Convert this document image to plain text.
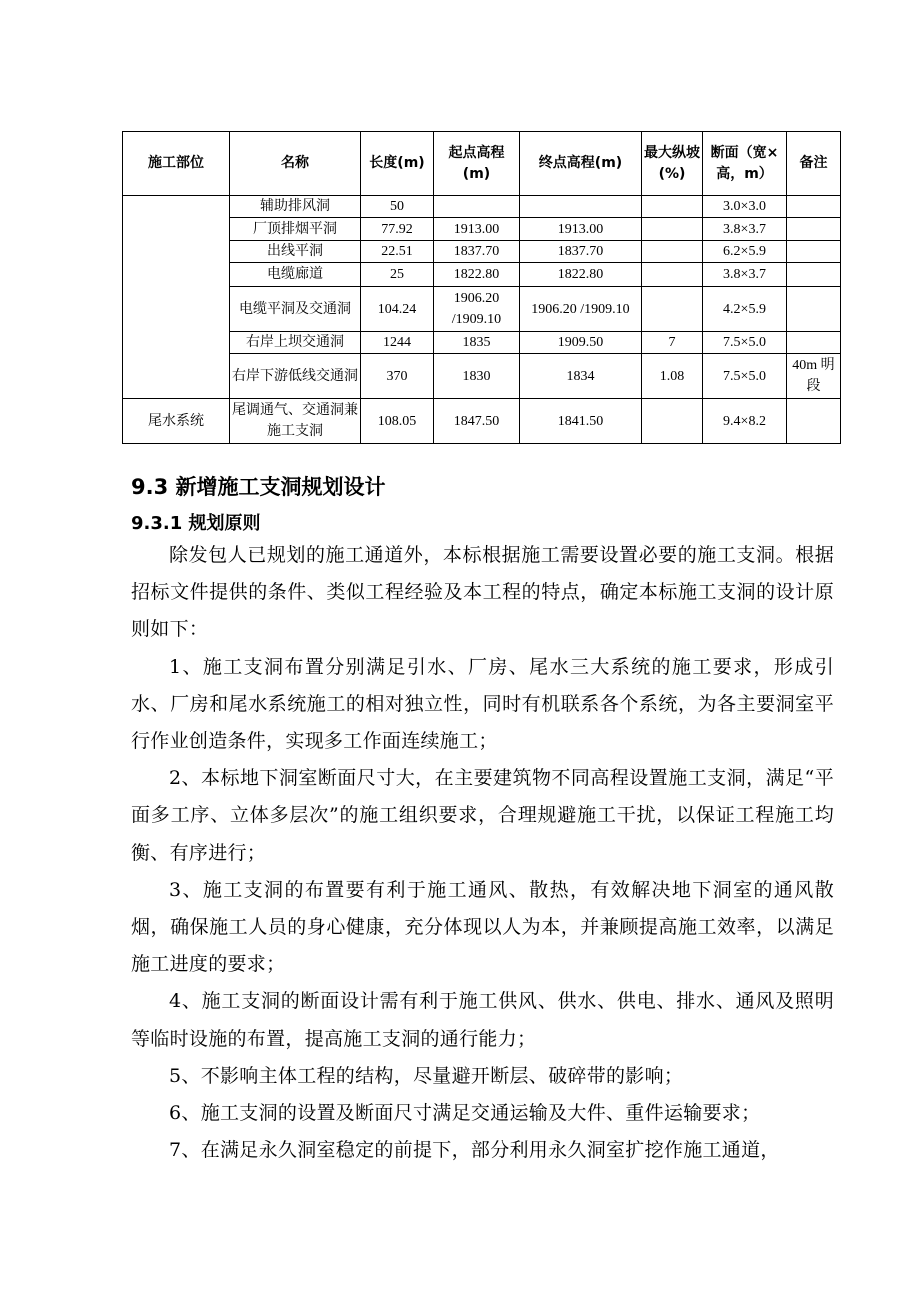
施工部位	名称	长度(m)	起点高程(m)	终点高程(m)	最大纵坡(%)	断面（宽×高，m）	备注
	辅助排风洞	50				3.0×3.0	
	厂顶排烟平洞	77.92	1913.00	1913.00		3.8×3.7	
	出线平洞	22.51	1837.70	1837.70		6.2×5.9	
	电缆廊道	25	1822.80	1822.80		3.8×3.7	
	电缆平洞及交通洞	104.24	1906.20 /1909.10	1906.20 /1909.10		4.2×5.9	
	右岸上坝交通洞	1244	1835	1909.50	7	7.5×5.0	
	右岸下游低线交通洞	370	1830	1834	1.08	7.5×5.0	40m 明段
尾水系统	尾调通气、交通洞兼施工支洞	108.05	1847.50	1841.50		9.4×8.2	
9.3 新增施工支洞规划设计
9.3.1 规划原则

除发包人已规划的施工通道外，本标根据施工需要设置必要的施工支洞。根据招标文件提供的条件、类似工程经验及本工程的特点，确定本标施工支洞的设计原则如下：

1、施工支洞布置分别满足引水、厂房、尾水三大系统的施工要求，形成引水、厂房和尾水系统施工的相对独立性，同时有机联系各个系统，为各主要洞室平行作业创造条件，实现多工作面连续施工；

2、本标地下洞室断面尺寸大，在主要建筑物不同高程设置施工支洞，满足“平面多工序、立体多层次”的施工组织要求，合理规避施工干扰，以保证工程施工均衡、有序进行；

3、施工支洞的布置要有利于施工通风、散热，有效解决地下洞室的通风散烟，确保施工人员的身心健康，充分体现以人为本，并兼顾提高施工效率，以满足施工进度的要求；

4、施工支洞的断面设计需有利于施工供风、供水、供电、排水、通风及照明等临时设施的布置，提高施工支洞的通行能力；

5、不影响主体工程的结构，尽量避开断层、破碎带的影响；

6、施工支洞的设置及断面尺寸满足交通运输及大件、重件运输要求；

7、在满足永久洞室稳定的前提下，部分利用永久洞室扩挖作施工通道，
